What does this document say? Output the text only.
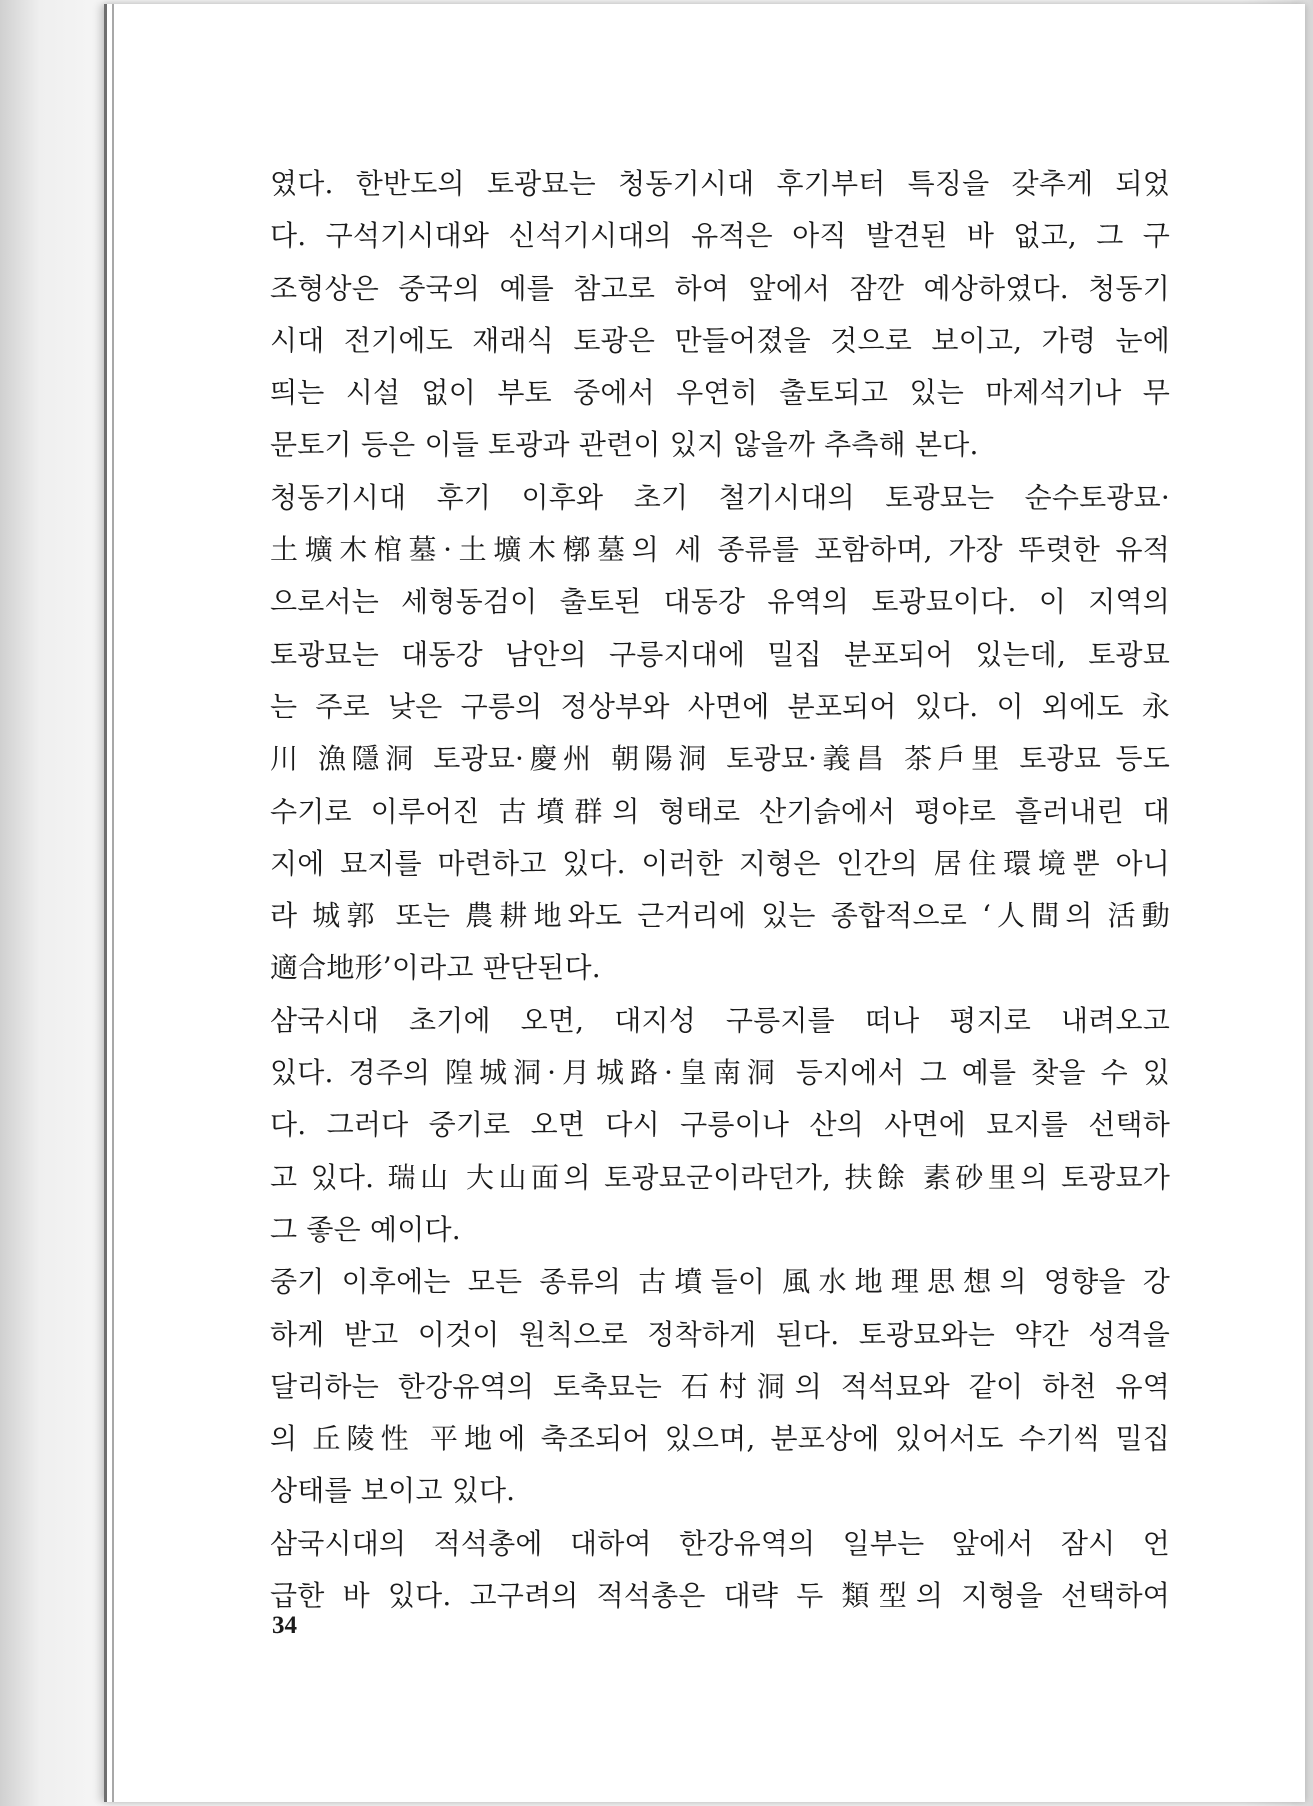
였다. 한반도의 토광묘는 청동기시대 후기부터 특징을 갖추게 되었
다. 구석기시대와 신석기시대의 유적은 아직 발견된 바 없고, 그 구
조형상은 중국의 예를 참고로 하여 앞에서 잠깐 예상하였다. 청동기
시대 전기에도 재래식 토광은 만들어졌을 것으로 보이고, 가령 눈에
띄는 시설 없이 부토 중에서 우연히 출토되고 있는 마제석기나 무
문토기 등은 이들 토광과 관련이 있지 않을까 추측해 본다.
청동기시대 후기 이후와 초기 철기시대의 토광묘는 순수토광묘·
土壙木棺墓·土壙木槨墓의 세 종류를 포함하며, 가장 뚜렷한 유적
으로서는 세형동검이 출토된 대동강 유역의 토광묘이다. 이 지역의
토광묘는 대동강 남안의 구릉지대에 밀집 분포되어 있는데, 토광묘
는 주로 낮은 구릉의 정상부와 사면에 분포되어 있다. 이 외에도 永
川 漁隱洞 토광묘·慶州 朝陽洞 토광묘·義昌 茶戶里 토광묘 등도
수기로 이루어진 古墳群의 형태로 산기슭에서 평야로 흘러내린 대
지에 묘지를 마련하고 있다. 이러한 지형은 인간의 居住環境뿐 아니
라 城郭 또는 農耕地와도 근거리에 있는 종합적으로 ‘人間의 活動
適合地形’이라고 판단된다.
삼국시대 초기에 오면, 대지성 구릉지를 떠나 평지로 내려오고
있다. 경주의 隍城洞·月城路·皇南洞 등지에서 그 예를 찾을 수 있
다. 그러다 중기로 오면 다시 구릉이나 산의 사면에 묘지를 선택하
고 있다. 瑞山 大山面의 토광묘군이라던가, 扶餘 素砂里의 토광묘가
그 좋은 예이다.
중기 이후에는 모든 종류의 古墳들이 風水地理思想의 영향을 강
하게 받고 이것이 원칙으로 정착하게 된다. 토광묘와는 약간 성격을
달리하는 한강유역의 토축묘는 石村洞의 적석묘와 같이 하천 유역
의 丘陵性 平地에 축조되어 있으며, 분포상에 있어서도 수기씩 밀집
상태를 보이고 있다.
삼국시대의 적석총에 대하여 한강유역의 일부는 앞에서 잠시 언
급한 바 있다. 고구려의 적석총은 대략 두 類型의 지형을 선택하여
34
